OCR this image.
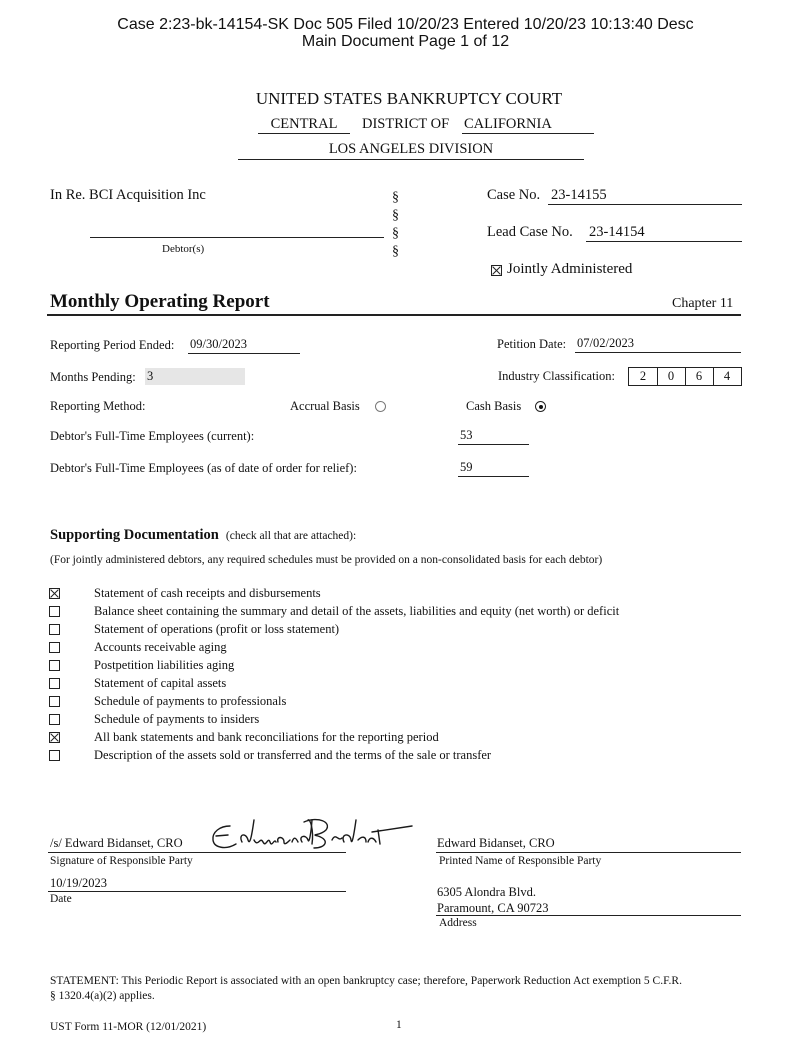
Case 2:23-bk-14154-SK Doc 505 Filed 10/20/23 Entered 10/20/23 10:13:40 Desc
Main Document Page 1 of 12
UNITED STATES BANKRUPTCY COURT
CENTRAL	DISTRICT OF CALIFORNIA
LOS ANGELES DIVISION
In Re. BCI Acquisition Inc
Debtor(s)
§
§
§
§
Case No. 23-14155
Lead Case No. 23-14154
Jointly Administered
Monthly Operating Report	Chapter 11
Reporting Period Ended: 09/30/2023	Petition Date: 07/02/2023
Months Pending: 3	Industry Classification:	2	0	6	4
Reporting Method:	Accrual Basis	Cash Basis
Debtor's Full-Time Employees (current):	53
Debtor's Full-Time Employees (as of date of order for relief):	59
Supporting Documentation (check all that are attached):
(For jointly administered debtors, any required schedules must be provided on a non-consolidated basis for each debtor)
Statement of cash receipts and disbursements
Balance sheet containing the summary and detail of the assets, liabilities and equity (net worth) or deficit
Statement of operations (profit or loss statement)
Accounts receivable aging
Postpetition liabilities aging
Statement of capital assets
Schedule of payments to professionals
Schedule of payments to insiders
All bank statements and bank reconciliations for the reporting period
Description of the assets sold or transferred and the terms of the sale or transfer
/s/ Edward Bidanset, CRO
Signature of Responsible Party
10/19/2023
Date
Edward Bidanset, CRO
Printed Name of Responsible Party
6305 Alondra Blvd.
Paramount, CA 90723
Address
STATEMENT: This Periodic Report is associated with an open bankruptcy case; therefore, Paperwork Reduction Act exemption 5 C.F.R.
§ 1320.4(a)(2) applies.
UST Form 11-MOR (12/01/2021)	1
